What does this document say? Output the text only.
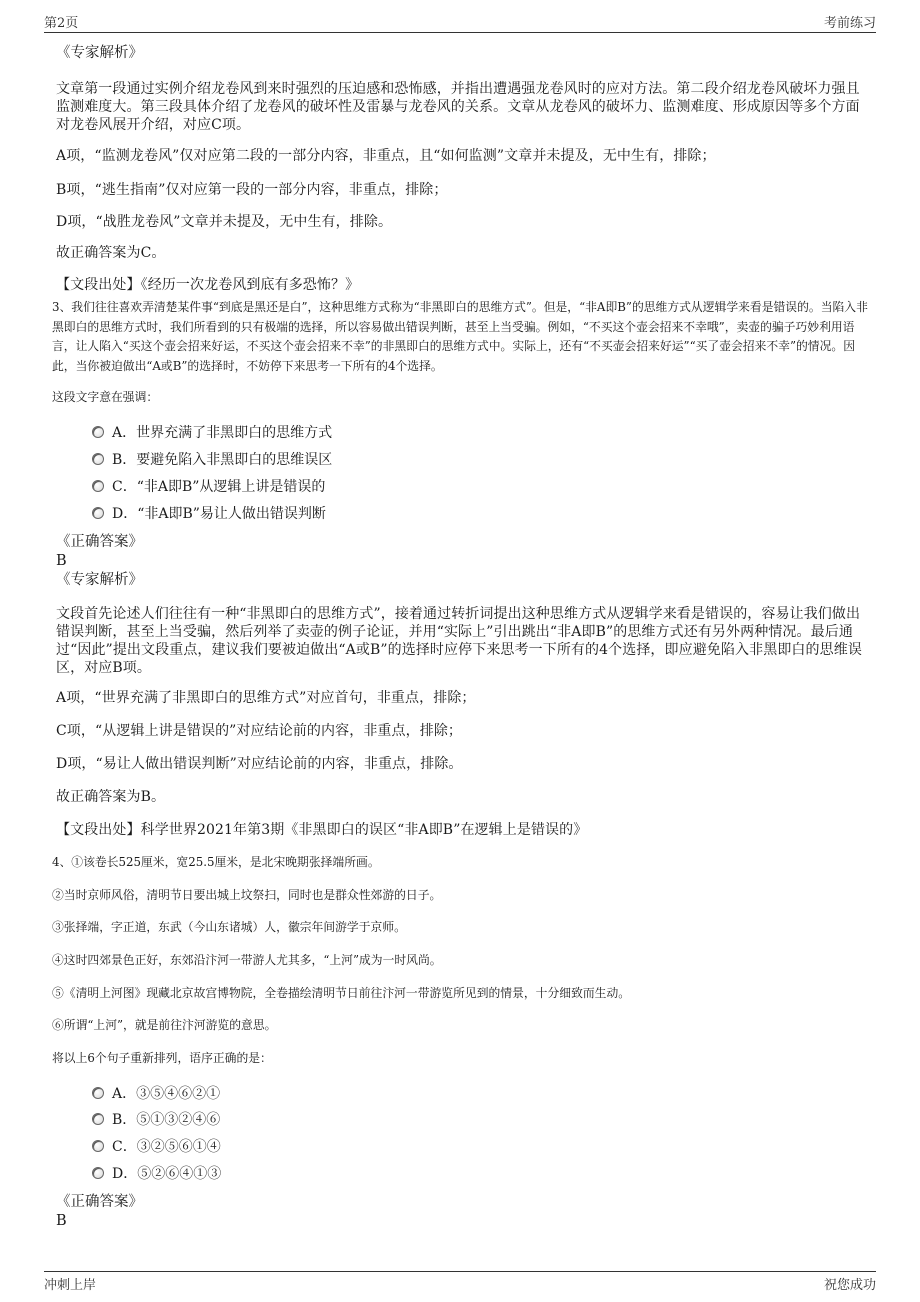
第2页	考前练习
《专家解析》
文章第一段通过实例介绍龙卷风到来时强烈的压迫感和恐怖感，并指出遭遇强龙卷风时的应对方法。第二段介绍龙卷风破坏力强且监测难度大。第三段具体介绍了龙卷风的破坏性及雷暴与龙卷风的关系。文章从龙卷风的破坏力、监测难度、形成原因等多个方面对龙卷风展开介绍，对应C项。
A项，“监测龙卷风”仅对应第二段的一部分内容，非重点，且“如何监测”文章并未提及，无中生有，排除；
B项，“逃生指南”仅对应第一段的一部分内容，非重点，排除；
D项，“战胜龙卷风”文章并未提及，无中生有，排除。
故正确答案为C。
【文段出处】《经历一次龙卷风到底有多恐怖？》
3、我们往往喜欢弄清楚某件事“到底是黑还是白”，这种思维方式称为“非黑即白的思维方式”。但是，“非A即B”的思维方式从逻辑学来看是错误的。当陷入非黑即白的思维方式时，我们所看到的只有极端的选择，所以容易做出错误判断，甚至上当受骗。例如，“不买这个壶会招来不幸哦”，卖壶的骗子巧妙利用语言，让人陷入“买这个壶会招来好运，不买这个壶会招来不幸”的非黑即白的思维方式中。实际上，还有“不买壶会招来好运”“买了壶会招来不幸”的情况。因此，当你被迫做出“A或B”的选择时，不妨停下来思考一下所有的4个选择。
这段文字意在强调：
A．世界充满了非黑即白的思维方式
B．要避免陷入非黑即白的思维误区
C．“非A即B”从逻辑上讲是错误的
D．“非A即B”易让人做出错误判断
《正确答案》
B
《专家解析》
文段首先论述人们往往有一种“非黑即白的思维方式”，接着通过转折词提出这种思维方式从逻辑学来看是错误的，容易让我们做出错误判断，甚至上当受骗，然后列举了卖壶的例子论证，并用“实际上”引出跳出“非A即B”的思维方式还有另外两种情况。最后通过“因此”提出文段重点，建议我们要被迫做出“A或B”的选择时应停下来思考一下所有的4个选择，即应避免陷入非黑即白的思维误区，对应B项。
A项，“世界充满了非黑即白的思维方式”对应首句，非重点，排除；
C项，“从逻辑上讲是错误的”对应结论前的内容，非重点，排除；
D项，“易让人做出错误判断”对应结论前的内容，非重点，排除。
故正确答案为B。
【文段出处】科学世界2021年第3期《非黑即白的误区“非A即B”在逻辑上是错误的》
4、①该卷长525厘米，宽25.5厘米，是北宋晚期张择端所画。
②当时京师风俗，清明节日要出城上坟祭扫，同时也是群众性郊游的日子。
③张择端，字正道，东武（今山东诸城）人，徽宗年间游学于京师。
④这时四郊景色正好，东郊沿汴河一带游人尤其多，“上河”成为一时风尚。
⑤《清明上河图》现藏北京故宫博物院，全卷描绘清明节日前往汴河一带游览所见到的情景，十分细致而生动。
⑥所谓“上河”，就是前往汴河游览的意思。
将以上6个句子重新排列，语序正确的是：
A．③⑤④⑥②①
B．⑤①③②④⑥
C．③②⑤⑥①④
D．⑤②⑥④①③
《正确答案》
B
冲刺上岸	祝您成功
